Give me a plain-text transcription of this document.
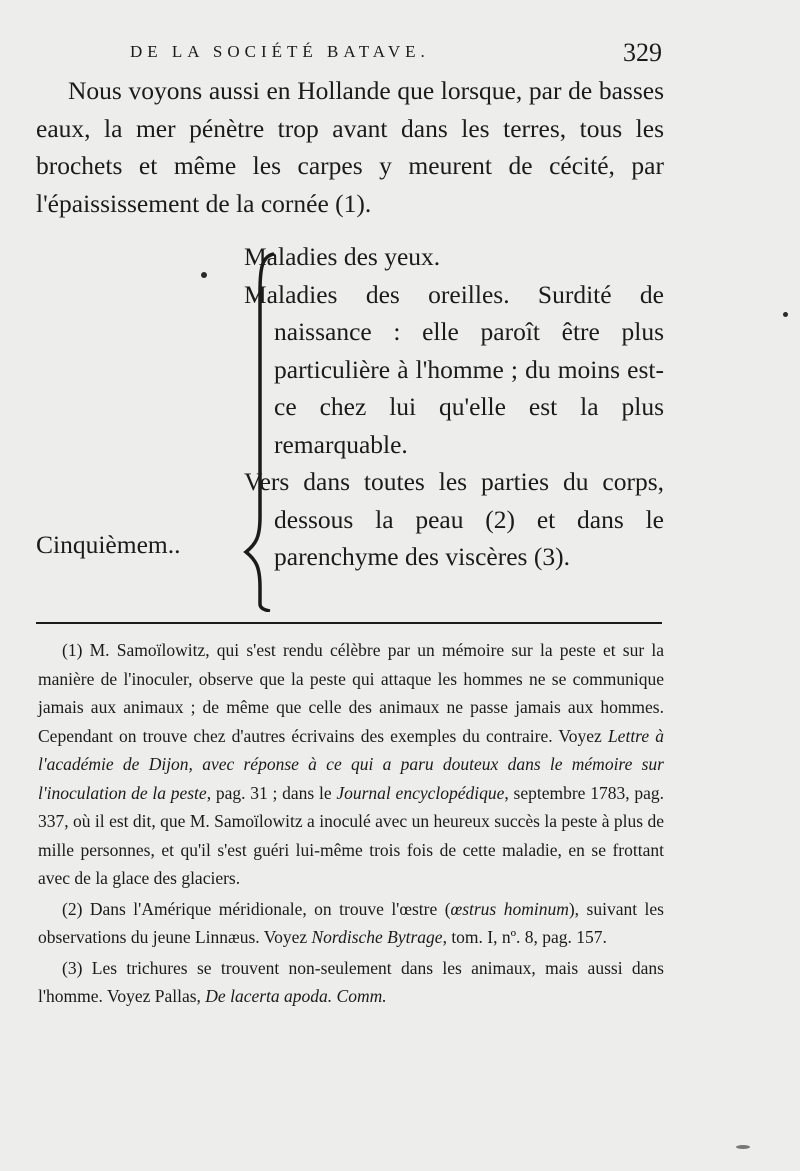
DE LA SOCIÉTÉ BATAVE.	329

Nous voyons aussi en Hollande que lorsque, par de basses eaux, la mer pénètre trop avant dans les terres, tous les brochets et même les carpes y meurent de cécité, par l'épaississement de la cornée (1).

Cinquièmem..

Maladies des yeux.

Maladies des oreilles. Surdité de naissance : elle paroît être plus particulière à l'homme ; du moins est-ce chez lui qu'elle est la plus remarquable.

Vers dans toutes les parties du corps, dessous la peau (2) et dans le parenchyme des viscères (3).

(1) M. Samoïlowitz, qui s'est rendu célèbre par un mémoire sur la peste et sur la manière de l'inoculer, observe que la peste qui attaque les hommes ne se communique jamais aux animaux ; de même que celle des animaux ne passe jamais aux hommes. Cependant on trouve chez d'autres écrivains des exemples du contraire. Voyez Lettre à l'académie de Dijon, avec réponse à ce qui a paru douteux dans le mémoire sur l'inoculation de la peste, pag. 31 ; dans le Journal encyclopédique, septembre 1783, pag. 337, où il est dit, que M. Samoïlowitz a inoculé avec un heureux succès la peste à plus de mille personnes, et qu'il s'est guéri lui-même trois fois de cette maladie, en se frottant avec de la glace des glaciers.

(2) Dans l'Amérique méridionale, on trouve l'œstre (œstrus hominum), suivant les observations du jeune Linnæus. Voyez Nordische Bytrage, tom. I, nº. 8, pag. 157.

(3) Les trichures se trouvent non-seulement dans les animaux, mais aussi dans l'homme. Voyez Pallas, De lacerta apoda. Comm.
